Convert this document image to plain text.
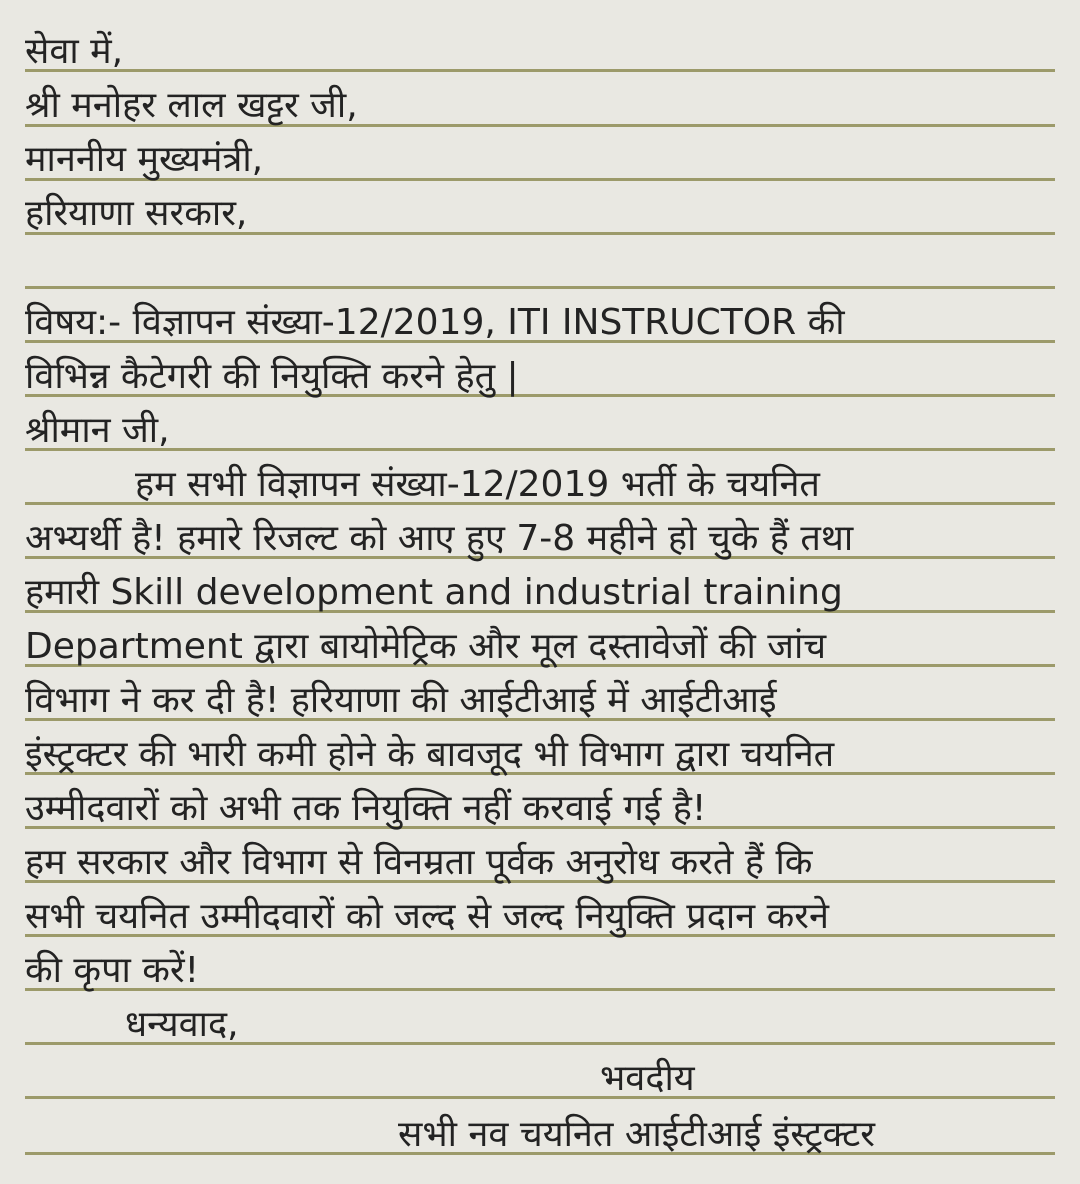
सेवा में,
श्री मनोहर लाल खट्टर जी,
माननीय मुख्यमंत्री,
हरियाणा सरकार,
विषय:- विज्ञापन संख्या-12/2019, ITI INSTRUCTOR की
विभिन्न कैटेगरी की नियुक्ति करने हेतु |
श्रीमान जी,
हम सभी विज्ञापन संख्या-12/2019 भर्ती के चयनित
अभ्यर्थी है! हमारे रिजल्ट को आए हुए 7-8 महीने हो चुके हैं तथा
हमारी Skill development and industrial training
Department द्वारा बायोमेट्रिक और मूल दस्तावेजों की जांच
विभाग ने कर दी है! हरियाणा की आईटीआई में आईटीआई
इंस्ट्रक्टर की भारी कमी होने के बावजूद भी विभाग द्वारा चयनित
उम्मीदवारों को अभी तक नियुक्ति नहीं करवाई गई है!
हम सरकार और विभाग से विनम्रता पूर्वक अनुरोध करते हैं कि
सभी चयनित उम्मीदवारों को जल्द से जल्द नियुक्ति प्रदान करने
की कृपा करें!
धन्यवाद,
भवदीय
सभी नव चयनित आईटीआई इंस्ट्रक्टर
